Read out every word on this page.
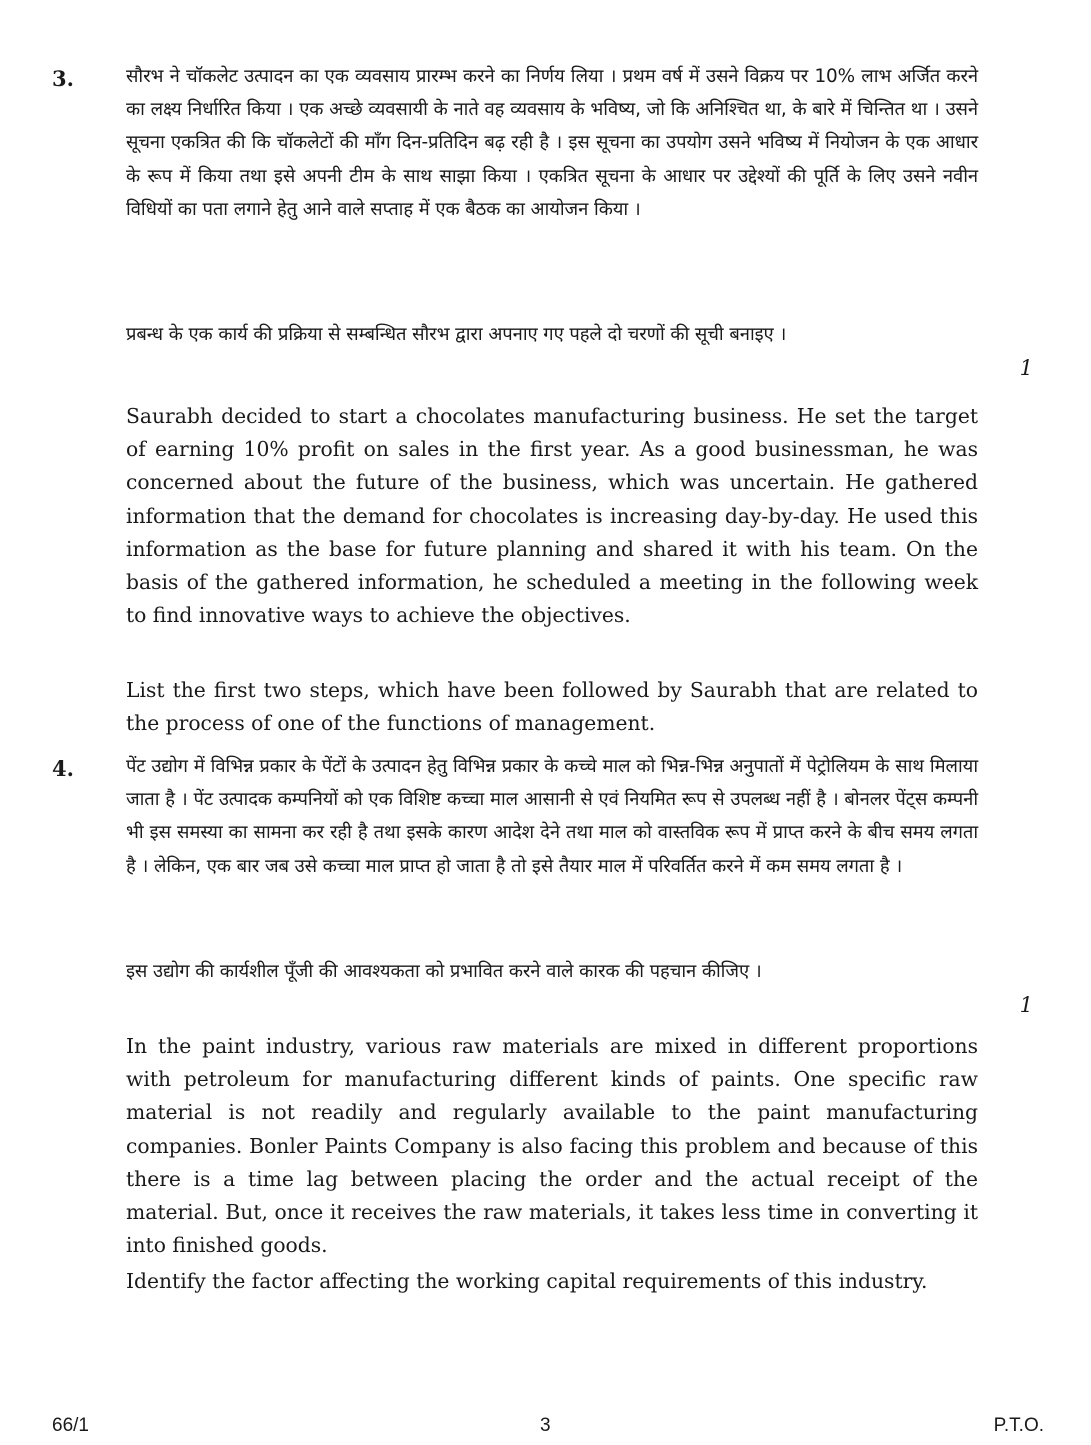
3.	सौरभ ने चॉकलेट उत्पादन का एक व्यवसाय प्रारम्भ करने का निर्णय लिया । प्रथम वर्ष में उसने विक्रय पर 10% लाभ अर्जित करने का लक्ष्य निर्धारित किया । एक अच्छे व्यवसायी के नाते वह व्यवसाय के भविष्य, जो कि अनिश्चित था, के बारे में चिन्तित था । उसने सूचना एकत्रित की कि चॉकलेटों की माँग दिन-प्रतिदिन बढ़ रही है । इस सूचना का उपयोग उसने भविष्य में नियोजन के एक आधार के रूप में किया तथा इसे अपनी टीम के साथ साझा किया । एकत्रित सूचना के आधार पर उद्देश्यों की पूर्ति के लिए उसने नवीन विधियों का पता लगाने हेतु आने वाले सप्ताह में एक बैठक का आयोजन किया ।
प्रबन्ध के एक कार्य की प्रक्रिया से सम्बन्धित सौरभ द्वारा अपनाए गए पहले दो चरणों की सूची बनाइए ।
1
Saurabh decided to start a chocolates manufacturing business. He set the target of earning 10% profit on sales in the first year. As a good businessman, he was concerned about the future of the business, which was uncertain. He gathered information that the demand for chocolates is increasing day-by-day. He used this information as the base for future planning and shared it with his team. On the basis of the gathered information, he scheduled a meeting in the following week to find innovative ways to achieve the objectives.
List the first two steps, which have been followed by Saurabh that are related to the process of one of the functions of management.
4.	पेंट उद्योग में विभिन्न प्रकार के पेंटों के उत्पादन हेतु विभिन्न प्रकार के कच्चे माल को भिन्न-भिन्न अनुपातों में पेट्रोलियम के साथ मिलाया जाता है । पेंट उत्पादक कम्पनियों को एक विशिष्ट कच्चा माल आसानी से एवं नियमित रूप से उपलब्ध नहीं है । बोनलर पेंट्स कम्पनी भी इस समस्या का सामना कर रही है तथा इसके कारण आदेश देने तथा माल को वास्तविक रूप में प्राप्त करने के बीच समय लगता है । लेकिन, एक बार जब उसे कच्चा माल प्राप्त हो जाता है तो इसे तैयार माल में परिवर्तित करने में कम समय लगता है ।
इस उद्योग की कार्यशील पूँजी की आवश्यकता को प्रभावित करने वाले कारक की पहचान कीजिए ।
1
In the paint industry, various raw materials are mixed in different proportions with petroleum for manufacturing different kinds of paints. One specific raw material is not readily and regularly available to the paint manufacturing companies. Bonler Paints Company is also facing this problem and because of this there is a time lag between placing the order and the actual receipt of the material. But, once it receives the raw materials, it takes less time in converting it into finished goods.
Identify the factor affecting the working capital requirements of this industry.
66/1	3	P.T.O.
